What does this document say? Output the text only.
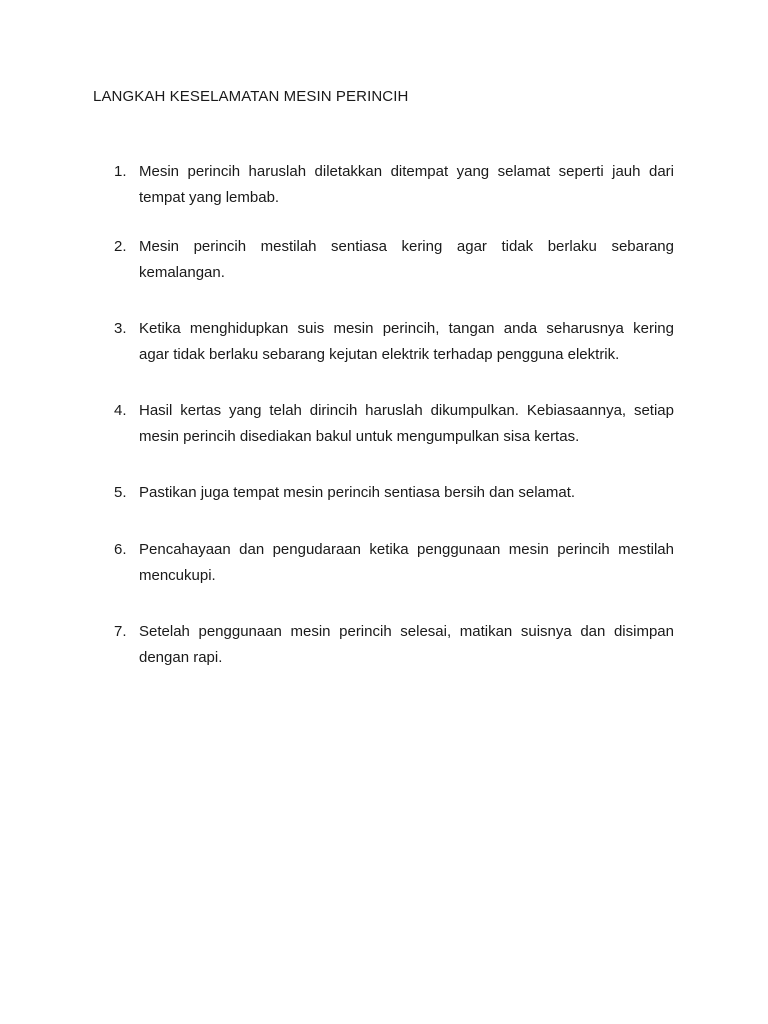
LANGKAH KESELAMATAN MESIN PERINCIH
1. Mesin perincih haruslah diletakkan ditempat yang selamat seperti jauh dari
tempat yang lembab.
2. Mesin perincih mestilah sentiasa kering agar tidak berlaku sebarang
kemalangan.
3. Ketika menghidupkan suis mesin perincih, tangan anda seharusnya kering
agar tidak berlaku sebarang kejutan elektrik terhadap pengguna elektrik.
4. Hasil kertas yang telah dirincih haruslah dikumpulkan. Kebiasaannya, setiap
mesin perincih disediakan bakul untuk mengumpulkan sisa kertas.
5. Pastikan juga tempat mesin perincih sentiasa bersih dan selamat.
6. Pencahayaan dan pengudaraan ketika penggunaan mesin perincih mestilah
mencukupi.
7. Setelah penggunaan mesin perincih selesai, matikan suisnya dan disimpan
dengan rapi.
